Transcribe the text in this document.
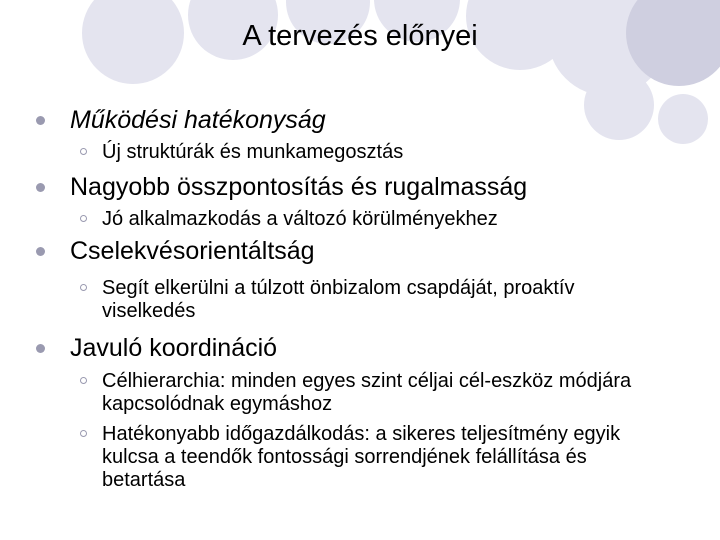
A tervezés előnyei
Működési hatékonyság
Új struktúrák és munkamegosztás
Nagyobb összpontosítás és rugalmasság
Jó alkalmazkodás a változó körülményekhez
Cselekvésorientáltság
Segít elkerülni a túlzott önbizalom csapdáját, proaktív viselkedés
Javuló koordináció
Célhierarchia: minden egyes szint céljai cél-eszköz módjára kapcsolódnak egymáshoz
Hatékonyabb időgazdálkodás: a sikeres teljesítmény egyik kulcsa a teendők fontossági sorrendjének felállítása és betartása
